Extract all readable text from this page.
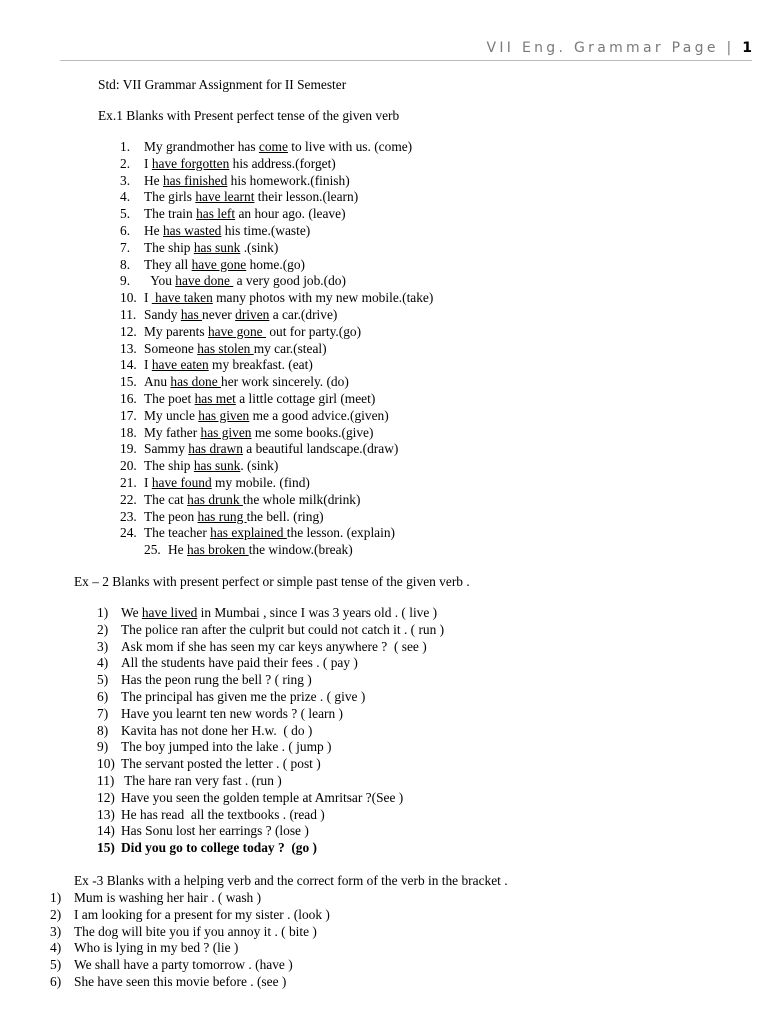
VII Eng. Grammar Page | 1
Std: VII Grammar Assignment for II Semester
Ex.1 Blanks with Present perfect tense of the given verb
1. My grandmother has come to live with us. (come)
2. I have forgotten his address.(forget)
3. He has finished his homework.(finish)
4. The girls have learnt their lesson.(learn)
5. The train has left an hour ago. (leave)
6. He has wasted his time.(waste)
7. The ship has sunk .(sink)
8. They all have gone home.(go)
9.  You have done  a very good job.(do)
10. I  have taken many photos with my new mobile.(take)
11. Sandy has never driven a car.(drive)
12. My parents have gone  out for party.(go)
13. Someone has stolen my car.(steal)
14. I have eaten my breakfast. (eat)
15. Anu has done her work sincerely. (do)
16. The poet has met a little cottage girl (meet)
17. My uncle has given me a good advice.(given)
18. My father has given me some books.(give)
19. Sammy has drawn a beautiful landscape.(draw)
20. The ship has sunk. (sink)
21. I have found my mobile. (find)
22. The cat has drunk the whole milk(drink)
23. The peon has rung the bell. (ring)
24. The teacher has explained the lesson. (explain)
25. He has broken the window.(break)
Ex – 2 Blanks with present perfect or simple past tense of the given verb .
1) We have lived in Mumbai , since I was 3 years old . ( live )
2) The police ran after the culprit but could not catch it . ( run )
3) Ask mom if she has seen my car keys anywhere ?  ( see )
4) All the students have paid their fees . ( pay )
5) Has the peon rung the bell ? ( ring )
6) The principal has given me the prize . ( give )
7) Have you learnt ten new words ? ( learn )
8) Kavita has not done her H.w.  ( do )
9) The boy jumped into the lake . ( jump )
10) The servant posted the letter . ( post )
11) The hare ran very fast . (run )
12) Have you seen the golden temple at Amritsar ?(See )
13) He has read  all the textbooks . (read )
14) Has Sonu lost her earrings ? (lose )
15) Did you go to college today ?  (go )
Ex -3 Blanks with a helping verb and the correct form of the verb in the bracket .
1) Mum is washing her hair . ( wash )
2) I am looking for a present for my sister . (look )
3) The dog will bite you if you annoy it . ( bite )
4) Who is lying in my bed ? (lie )
5) We shall have a party tomorrow . (have )
6) She have seen this movie before . (see )
